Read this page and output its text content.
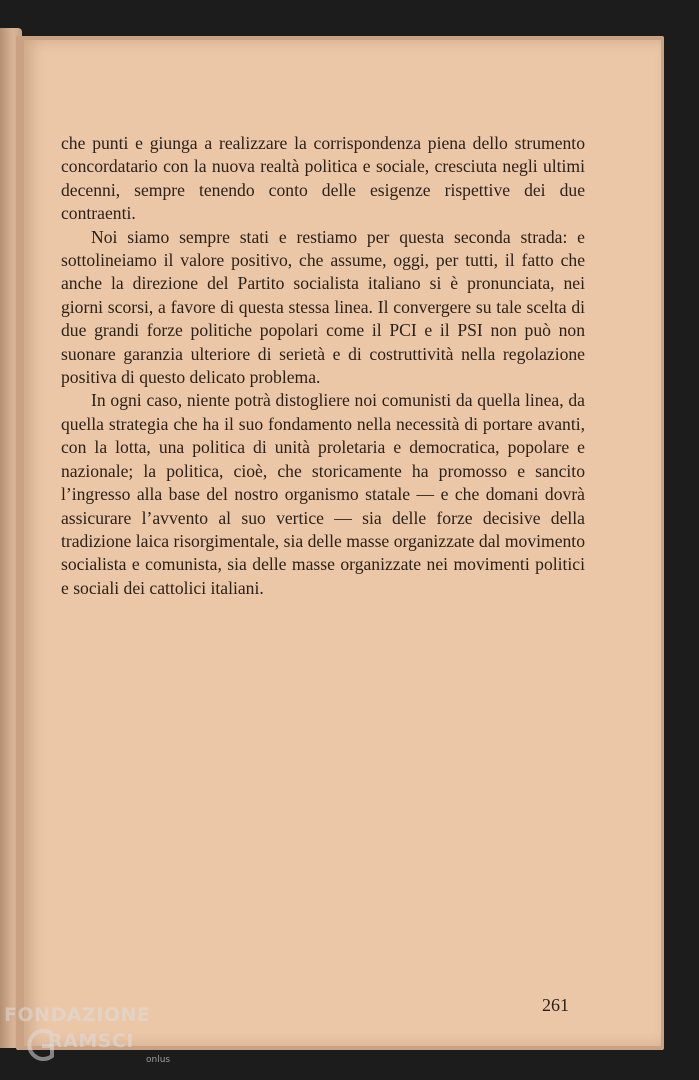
che punti e giunga a realizzare la corrispondenza piena dello strumento concordatario con la nuova realtà politica e sociale, cresciuta negli ultimi decenni, sempre tenendo conto delle esigenze rispettive dei due contraenti.

Noi siamo sempre stati e restiamo per questa seconda strada: e sottolineiamo il valore positivo, che assume, oggi, per tutti, il fatto che anche la direzione del Partito socialista italiano si è pronunciata, nei giorni scorsi, a favore di questa stessa linea. Il convergere su tale scelta di due grandi forze politiche popolari come il PCI e il PSI non può non suonare garanzia ulteriore di serietà e di costruttività nella regolazione positiva di questo delicato problema.

In ogni caso, niente potrà distogliere noi comunisti da quella linea, da quella strategia che ha il suo fondamento nella necessità di portare avanti, con la lotta, una politica di unità proletaria e democratica, popolare e nazionale; la politica, cioè, che storicamente ha promosso e sancito l’ingresso alla base del nostro organismo statale — e che domani dovrà assicurare l’avvento al suo vertice — sia delle forze decisive della tradizione laica risorgimentale, sia delle masse organizzate dal movimento socialista e comunista, sia delle masse organizzate nei movimenti politici e sociali dei cattolici italiani.

261
FONDAZIONE
RAMSCI
onlus
